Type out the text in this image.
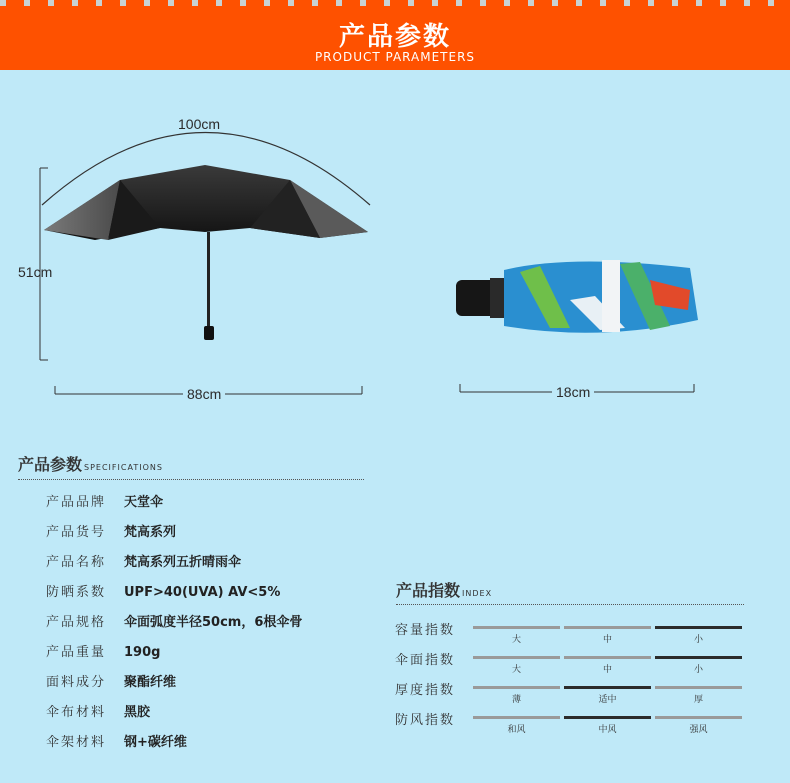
产品参数
PRODUCT PARAMETERS
100cm
51cm
88cm	18cm
产品参数 SPECIFICATIONS
产品品牌 天堂伞
产品货号 梵高系列
产品名称 梵高系列五折晴雨伞
防晒系数 UPF>40(UVA) AV<5%
产品规格 伞面弧度半径50cm，6根伞骨
产品重量 190g
面料成分 聚酯纤维
伞布材料 黑胶
伞架材料 钢+碳纤维
产品指数 INDEX
容量指数
大	中	小
伞面指数
大	中	小
厚度指数
薄	适中	厚
防风指数
和风	中风	强风
